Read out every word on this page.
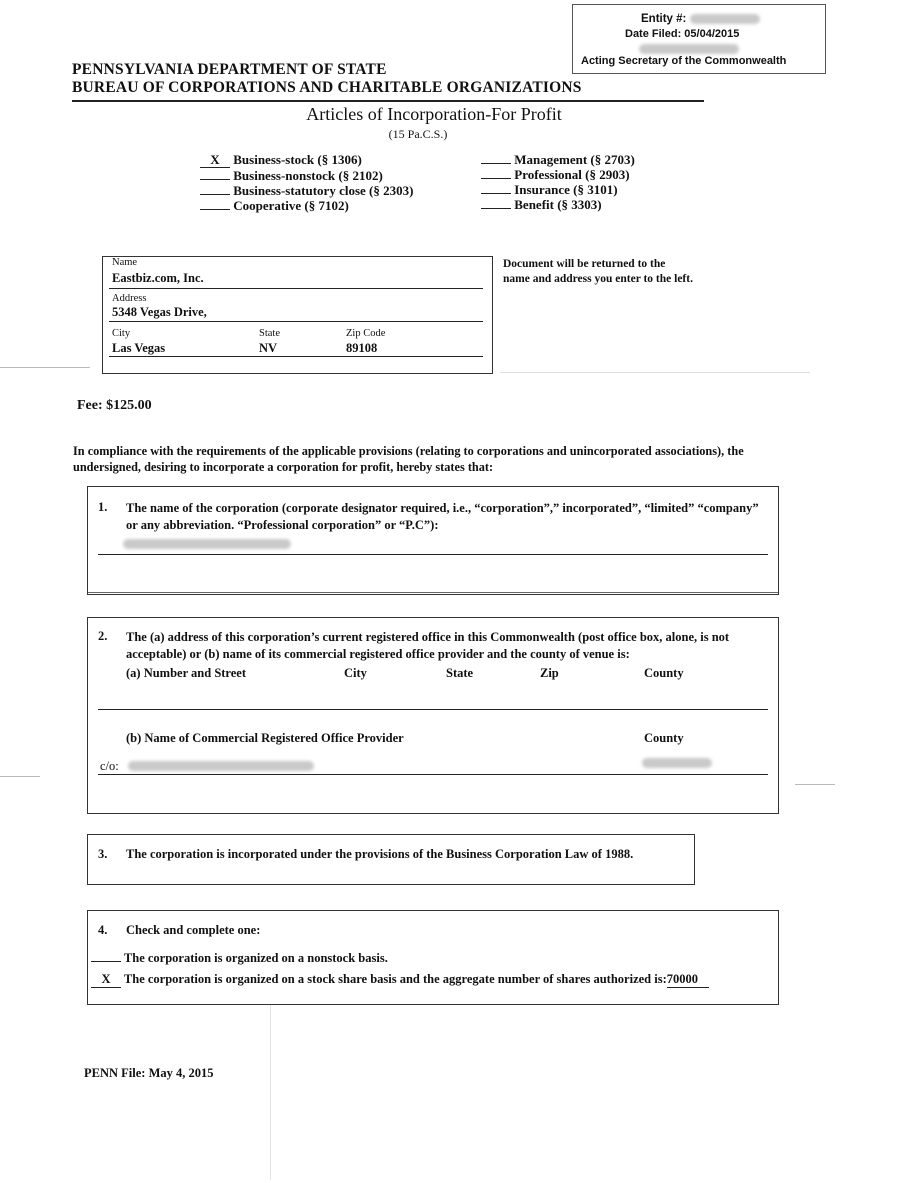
Entity #:
Date Filed: 05/04/2015
Acting Secretary of the Commonwealth
PENNSYLVANIA DEPARTMENT OF STATE
BUREAU OF CORPORATIONS AND CHARITABLE ORGANIZATIONS
Articles of Incorporation-For Profit
(15 Pa.C.S.)
X Business-stock (§ 1306)
Business-nonstock (§ 2102)
Business-statutory close (§ 2303)
Cooperative (§ 7102)
Management (§ 2703)
Professional (§ 2903)
Insurance (§ 3101)
Benefit (§ 3303)
Name
Eastbiz.com, Inc.
Address
5348 Vegas Drive,
City	State	Zip Code
Las Vegas	NV	89108
Document will be returned to the name and address you enter to the left.
Fee: $125.00
In compliance with the requirements of the applicable provisions (relating to corporations and unincorporated associations), the undersigned, desiring to incorporate a corporation for profit, hereby states that:
1. The name of the corporation (corporate designator required, i.e., “corporation”,” incorporated”, “limited” “company” or any abbreviation. “Professional corporation” or “P.C”):
2. The (a) address of this corporation’s current registered office in this Commonwealth (post office box, alone, is not acceptable) or (b) name of its commercial registered office provider and the county of venue is:
(a) Number and Street	City	State	Zip	County
(b) Name of Commercial Registered Office Provider	County
c/o:
3. The corporation is incorporated under the provisions of the Business Corporation Law of 1988.
4. Check and complete one:
The corporation is organized on a nonstock basis.
X The corporation is organized on a stock share basis and the aggregate number of shares authorized is:70000
PENN File: May 4, 2015
